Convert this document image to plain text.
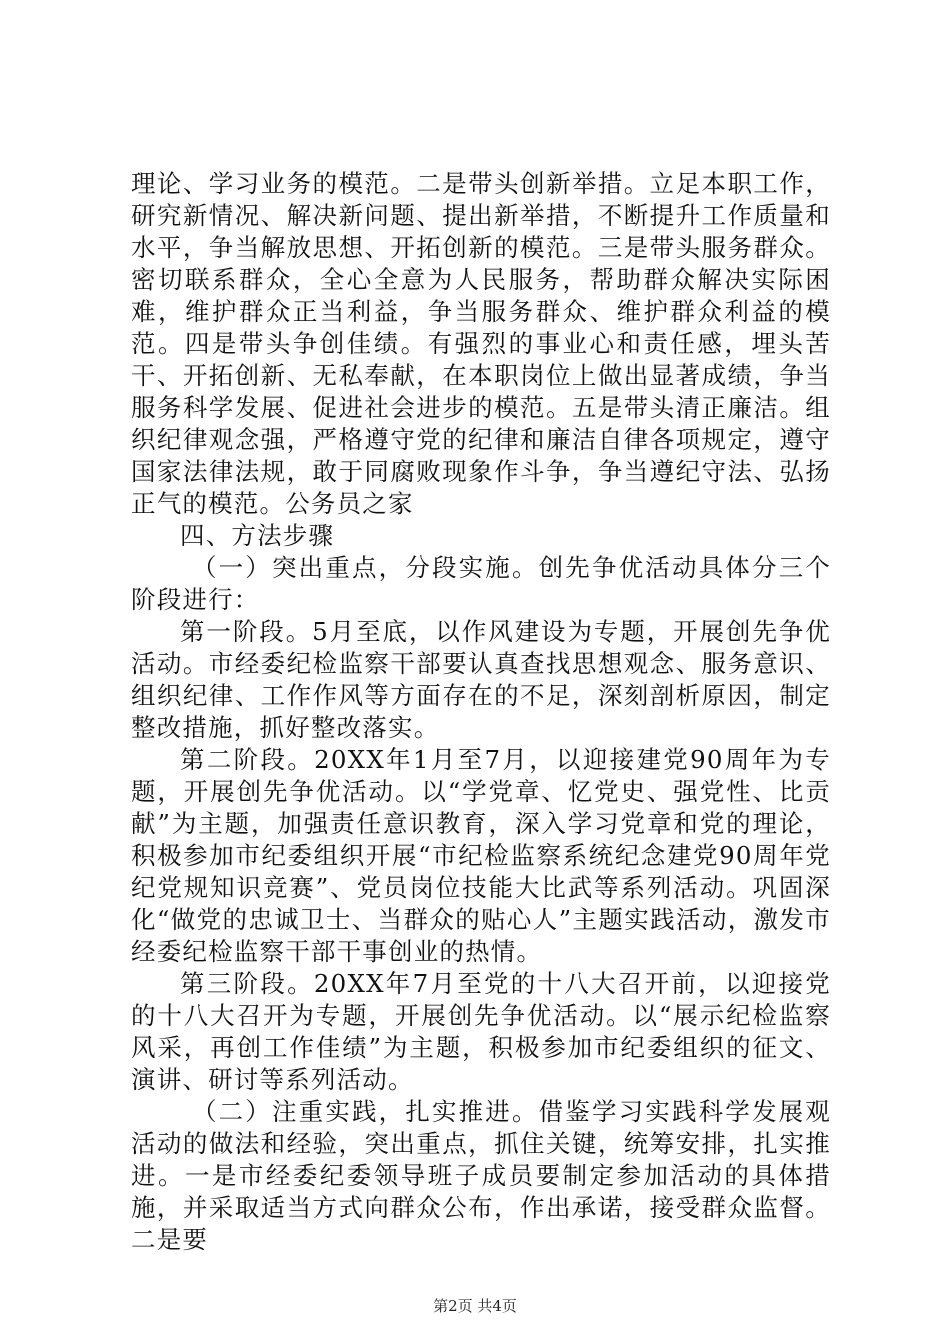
理论、学习业务的模范。二是带头创新举措。立足本职工作，研究新情况、解决新问题、提出新举措，不断提升工作质量和水平，争当解放思想、开拓创新的模范。三是带头服务群众。密切联系群众，全心全意为人民服务，帮助群众解决实际困难，维护群众正当利益，争当服务群众、维护群众利益的模范。四是带头争创佳绩。有强烈的事业心和责任感，埋头苦干、开拓创新、无私奉献，在本职岗位上做出显著成绩，争当服务科学发展、促进社会进步的模范。五是带头清正廉洁。组织纪律观念强，严格遵守党的纪律和廉洁自律各项规定，遵守国家法律法规，敢于同腐败现象作斗争，争当遵纪守法、弘扬正气的模范。公务员之家

四、方法步骤

（一）突出重点，分段实施。创先争优活动具体分三个阶段进行：

第一阶段。5月至底，以作风建设为专题，开展创先争优活动。市经委纪检监察干部要认真查找思想观念、服务意识、组织纪律、工作作风等方面存在的不足，深刻剖析原因，制定整改措施，抓好整改落实。

第二阶段。20XX年1月至7月，以迎接建党90周年为专题，开展创先争优活动。以“学党章、忆党史、强党性、比贡献”为主题，加强责任意识教育，深入学习党章和党的理论，积极参加市纪委组织开展“市纪检监察系统纪念建党90周年党纪党规知识竞赛”、党员岗位技能大比武等系列活动。巩固深化“做党的忠诚卫士、当群众的贴心人”主题实践活动，激发市经委纪检监察干部干事创业的热情。

第三阶段。20XX年7月至党的十八大召开前，以迎接党的十八大召开为专题，开展创先争优活动。以“展示纪检监察风采，再创工作佳绩”为主题，积极参加市纪委组织的征文、演讲、研讨等系列活动。

（二）注重实践，扎实推进。借鉴学习实践科学发展观活动的做法和经验，突出重点，抓住关键，统筹安排，扎实推进。一是市经委纪委领导班子成员要制定参加活动的具体措施，并采取适当方式向群众公布，作出承诺，接受群众监督。二是要

第2页 共4页
